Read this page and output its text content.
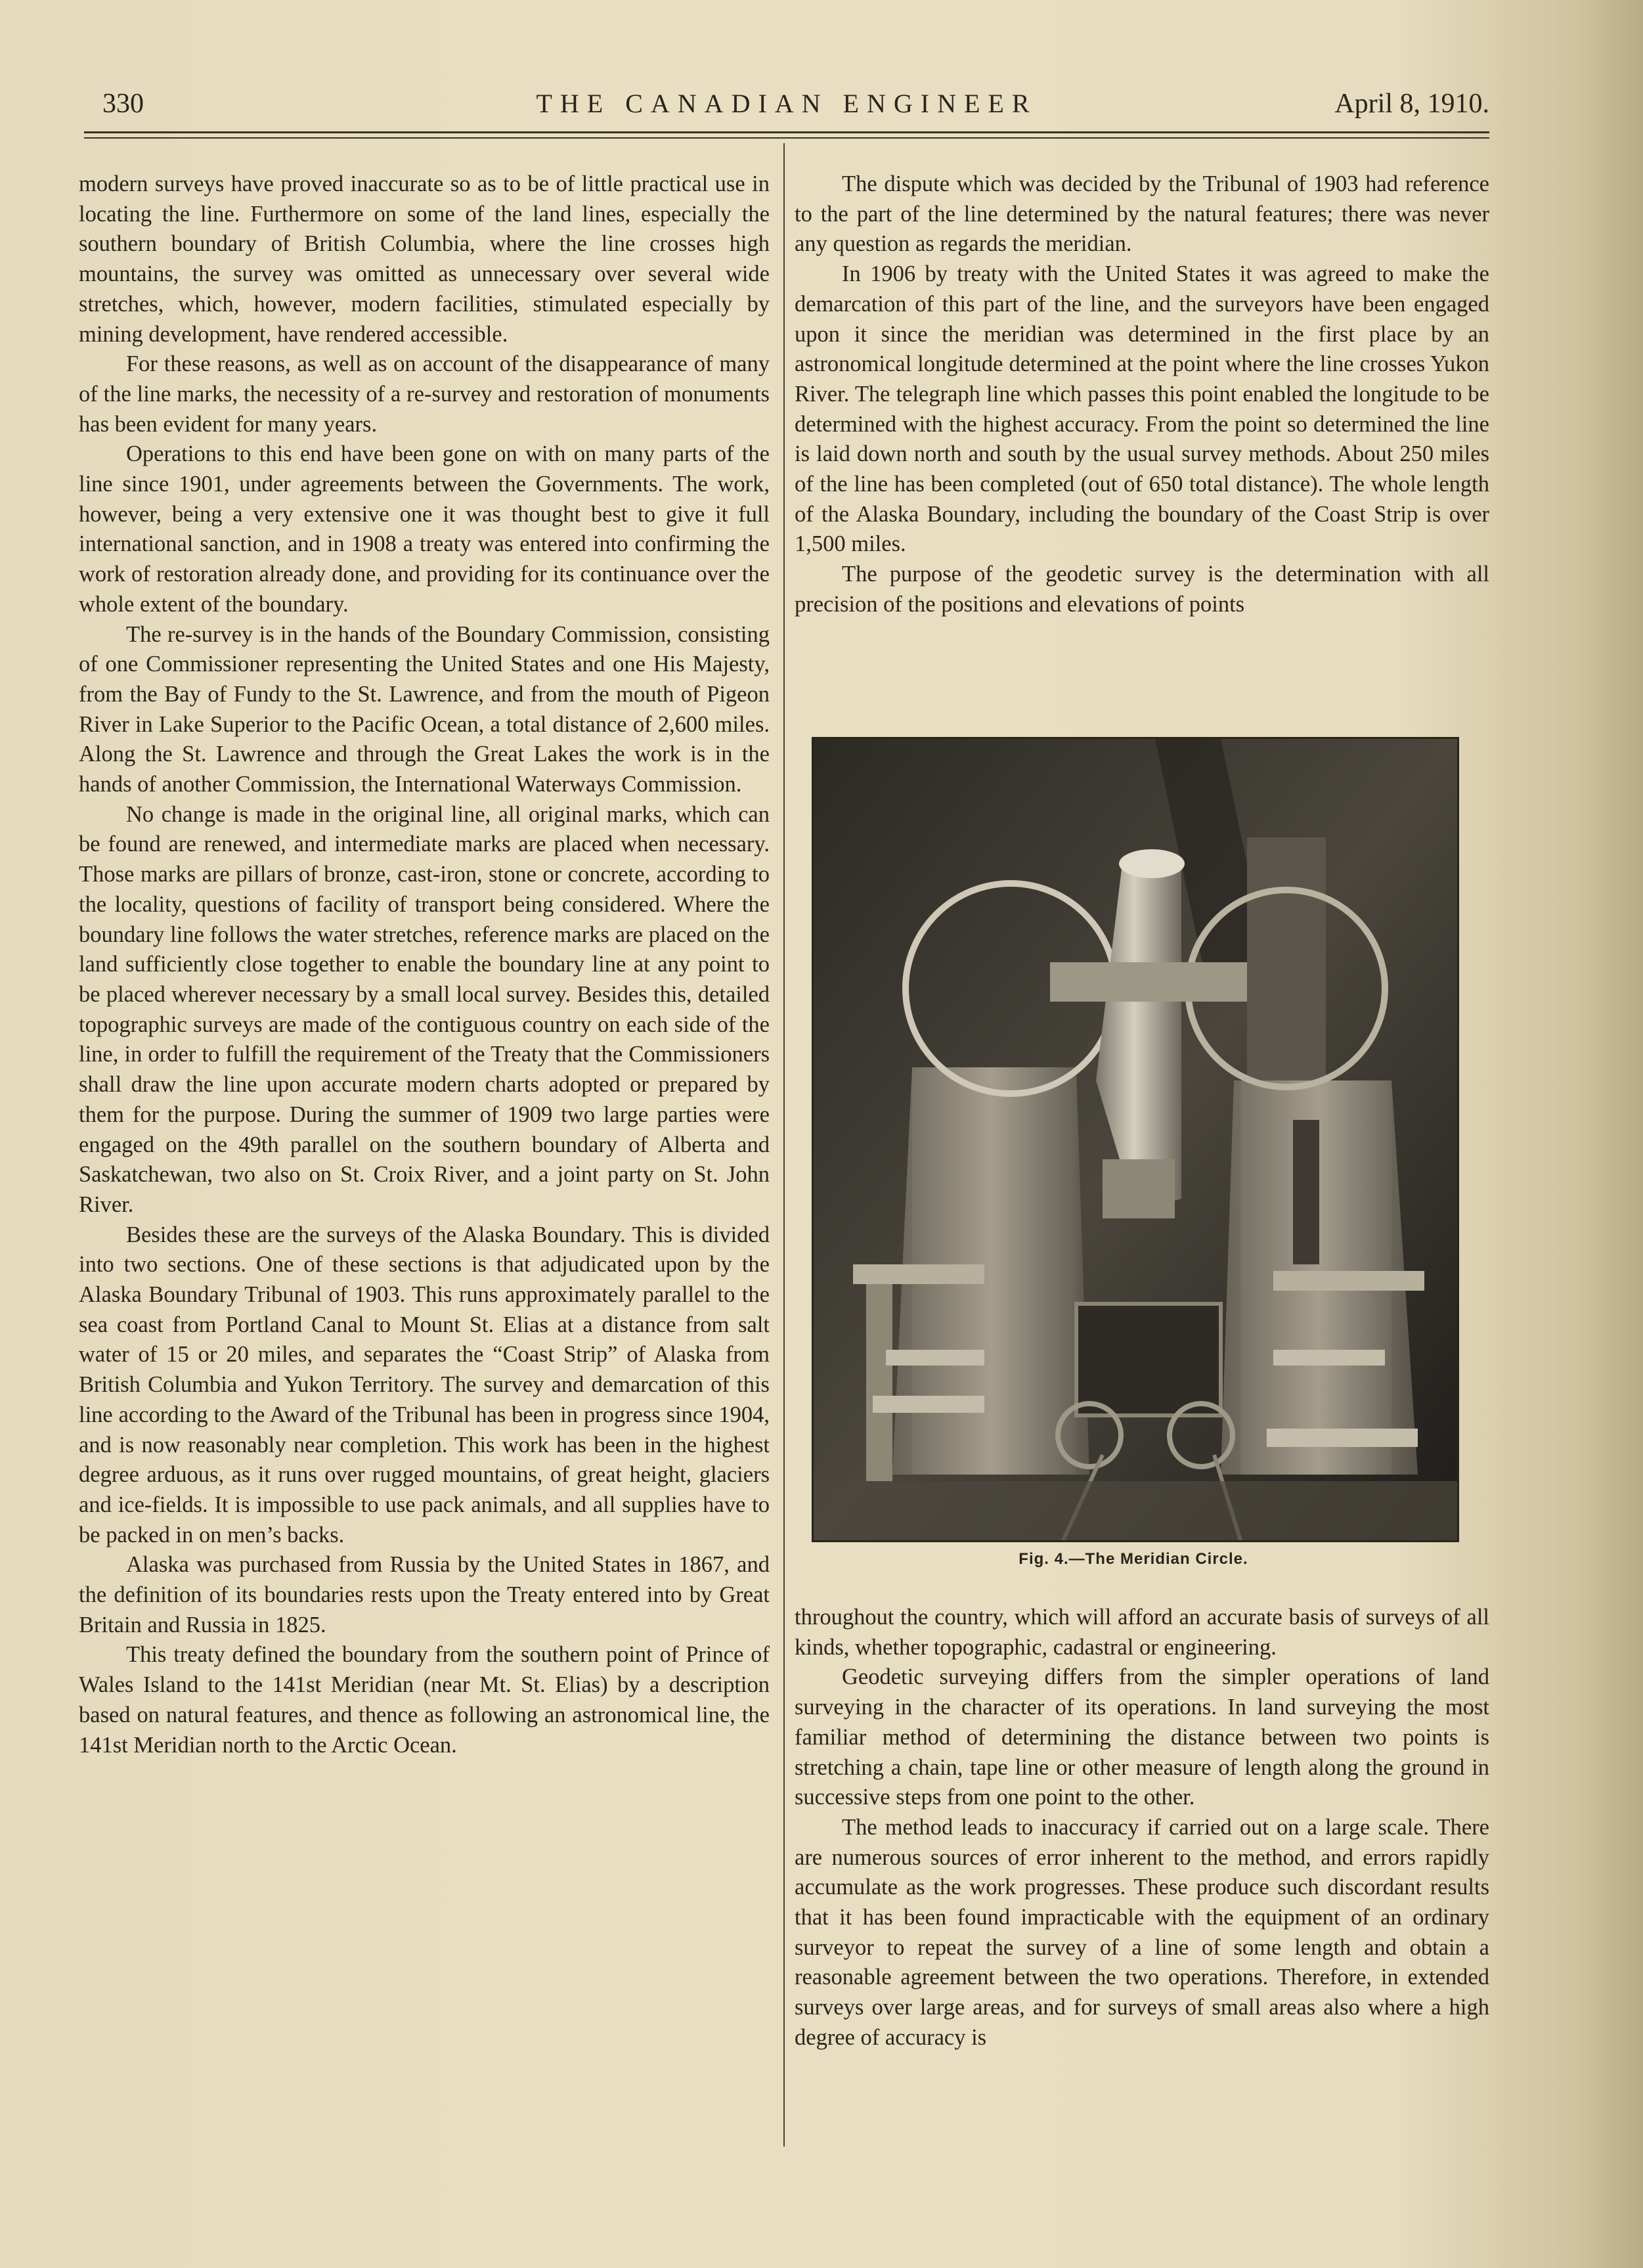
330	THE CANADIAN ENGINEER	April 8, 1910.

modern surveys have proved inaccurate so as to be of little practical use in locating the line. Furthermore on some of the land lines, especially the southern boundary of British Columbia, where the line crosses high mountains, the survey was omitted as unnecessary over several wide stretches, which, however, modern facilities, stimulated especially by mining development, have rendered accessible.

For these reasons, as well as on account of the disappearance of many of the line marks, the necessity of a re-survey and restoration of monuments has been evident for many years.

Operations to this end have been gone on with on many parts of the line since 1901, under agreements between the Governments. The work, however, being a very extensive one it was thought best to give it full international sanction, and in 1908 a treaty was entered into confirming the work of restoration already done, and providing for its continuance over the whole extent of the boundary.

The re-survey is in the hands of the Boundary Commission, consisting of one Commissioner representing the United States and one His Majesty, from the Bay of Fundy to the St. Lawrence, and from the mouth of Pigeon River in Lake Superior to the Pacific Ocean, a total distance of 2,600 miles. Along the St. Lawrence and through the Great Lakes the work is in the hands of another Commission, the International Waterways Commission.

No change is made in the original line, all original marks, which can be found are renewed, and intermediate marks are placed when necessary. Those marks are pillars of bronze, cast-iron, stone or concrete, according to the locality, questions of facility of transport being considered. Where the boundary line follows the water stretches, reference marks are placed on the land sufficiently close together to enable the boundary line at any point to be placed wherever necessary by a small local survey. Besides this, detailed topographic surveys are made of the contiguous country on each side of the line, in order to fulfill the requirement of the Treaty that the Commissioners shall draw the line upon accurate modern charts adopted or prepared by them for the purpose. During the summer of 1909 two large parties were engaged on the 49th parallel on the southern boundary of Alberta and Saskatchewan, two also on St. Croix River, and a joint party on St. John River.

Besides these are the surveys of the Alaska Boundary. This is divided into two sections. One of these sections is that adjudicated upon by the Alaska Boundary Tribunal of 1903. This runs approximately parallel to the sea coast from Portland Canal to Mount St. Elias at a distance from salt water of 15 or 20 miles, and separates the “Coast Strip” of Alaska from British Columbia and Yukon Territory. The survey and demarcation of this line according to the Award of the Tribunal has been in progress since 1904, and is now reasonably near completion. This work has been in the highest degree arduous, as it runs over rugged mountains, of great height, glaciers and ice-fields. It is impossible to use pack animals, and all supplies have to be packed in on men’s backs.

Alaska was purchased from Russia by the United States in 1867, and the definition of its boundaries rests upon the Treaty entered into by Great Britain and Russia in 1825.

This treaty defined the boundary from the southern point of Prince of Wales Island to the 141st Meridian (near Mt. St. Elias) by a description based on natural features, and thence as following an astronomical line, the 141st Meridian north to the Arctic Ocean.

The dispute which was decided by the Tribunal of 1903 had reference to the part of the line determined by the natural features; there was never any question as regards the meridian.

In 1906 by treaty with the United States it was agreed to make the demarcation of this part of the line, and the surveyors have been engaged upon it since the meridian was determined in the first place by an astronomical longitude determined at the point where the line crosses Yukon River. The telegraph line which passes this point enabled the longitude to be determined with the highest accuracy. From the point so determined the line is laid down north and south by the usual survey methods. About 250 miles of the line has been completed (out of 650 total distance). The whole length of the Alaska Boundary, including the boundary of the Coast Strip is over 1,500 miles.

The purpose of the geodetic survey is the determination with all precision of the positions and elevations of points

Fig. 4.—The Meridian Circle.

throughout the country, which will afford an accurate basis of surveys of all kinds, whether topographic, cadastral or engineering.

Geodetic surveying differs from the simpler operations of land surveying in the character of its operations. In land surveying the most familiar method of determining the distance between two points is stretching a chain, tape line or other measure of length along the ground in successive steps from one point to the other.

The method leads to inaccuracy if carried out on a large scale. There are numerous sources of error inherent to the method, and errors rapidly accumulate as the work progresses. These produce such discordant results that it has been found impracticable with the equipment of an ordinary surveyor to repeat the survey of a line of some length and obtain a reasonable agreement between the two operations. Therefore, in extended surveys over large areas, and for surveys of small areas also where a high degree of accuracy is
